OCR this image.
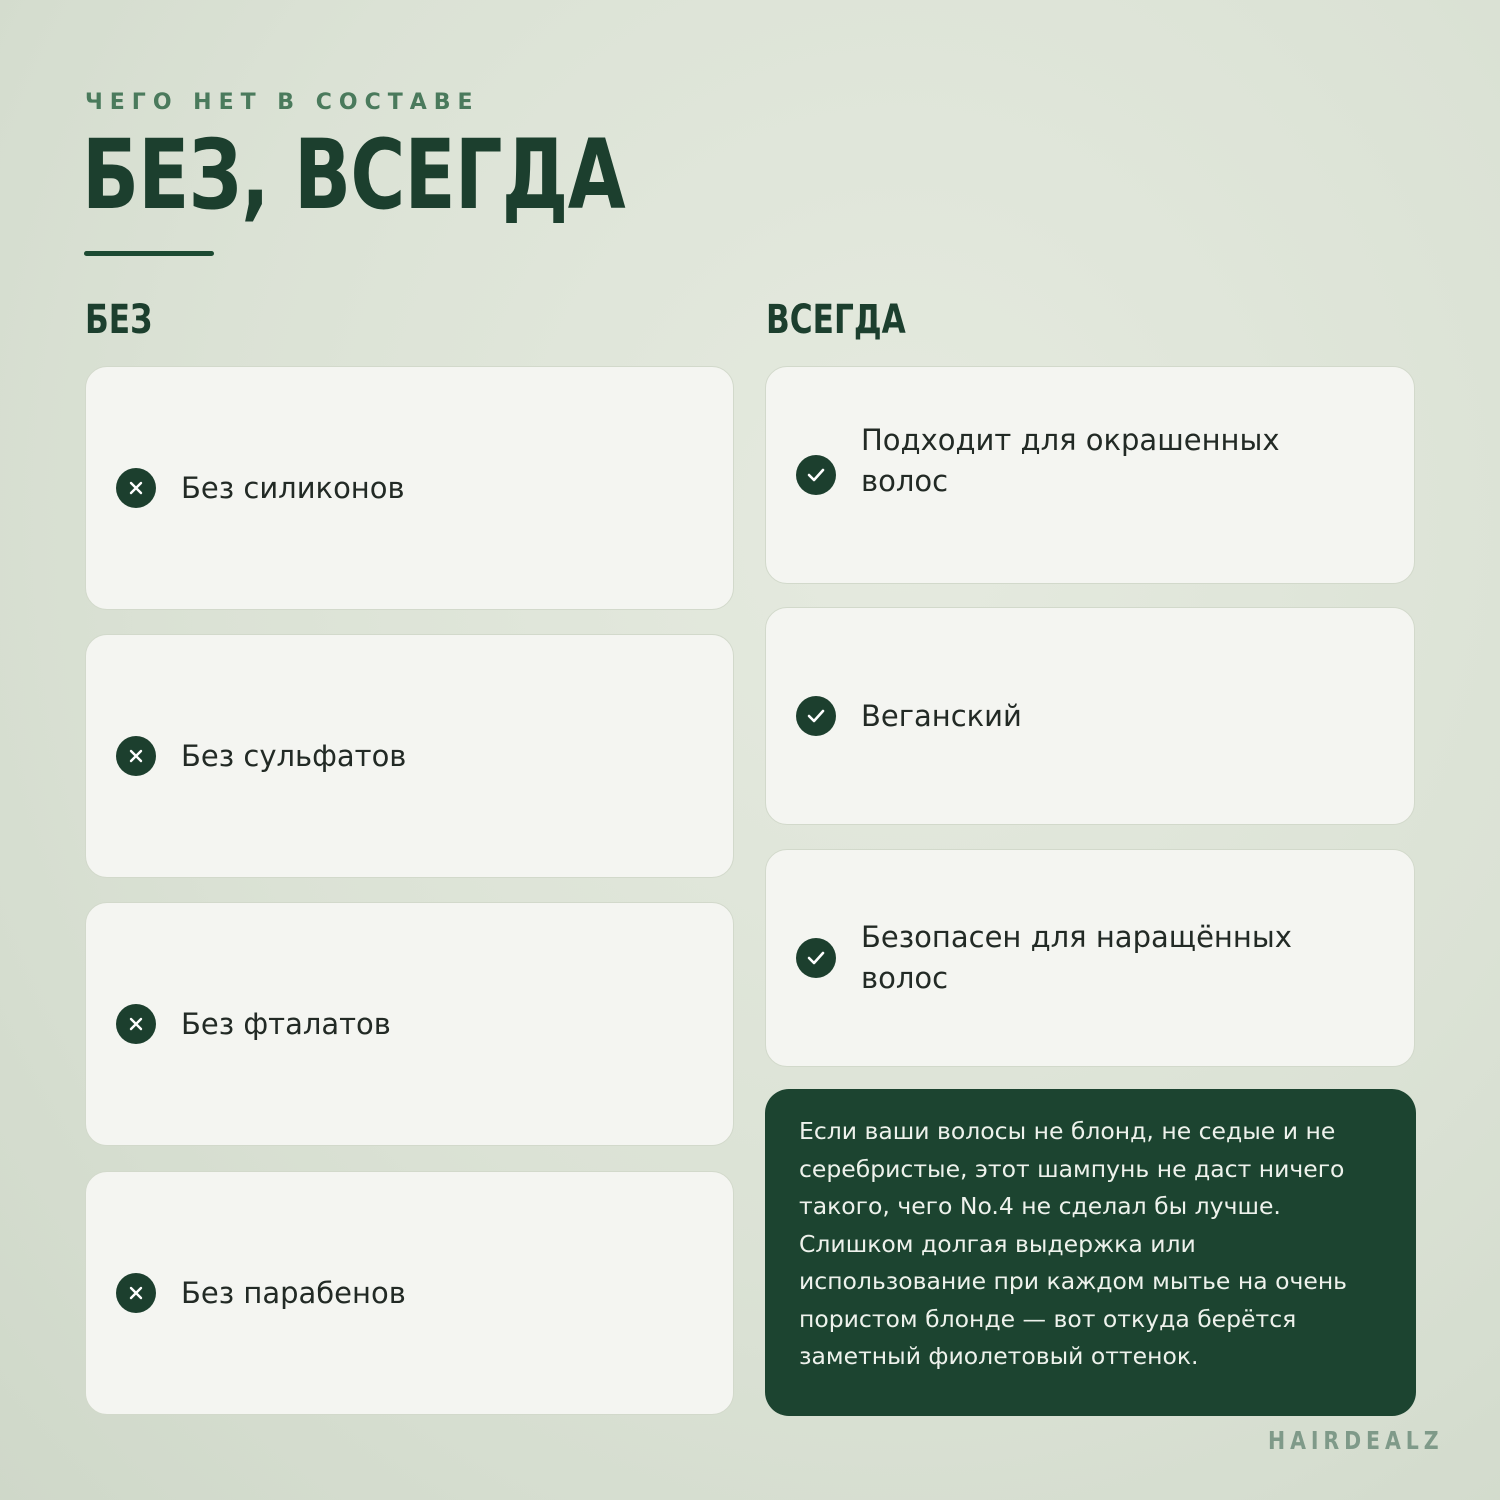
ЧЕГО НЕТ В СОСТАВЕ
БЕЗ, ВСЕГДА
БЕЗ	ВСЕГДА
Без силиконов
Без сульфатов
Без фталатов
Без парабенов
Подходит для окрашенных волос
Веганский
Безопасен для наращённых волос
Если ваши волосы не блонд, не седые и не серебристые, этот шампунь не даст ничего такого, чего No.4 не сделал бы лучше. Слишком долгая выдержка или использование при каждом мытье на очень пористом блонде — вот откуда берётся заметный фиолетовый оттенок.
HAIRDEALZ
